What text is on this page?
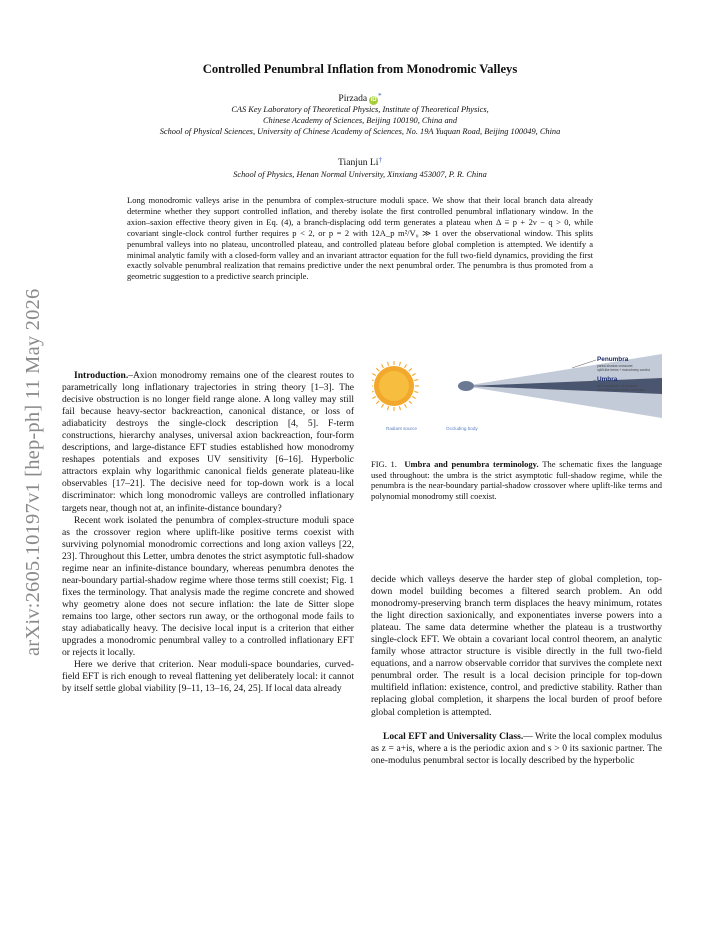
arXiv:2605.10197v1 [hep-ph] 11 May 2026
Controlled Penumbral Inflation from Monodromic Valleys
Pirzada iD *
CAS Key Laboratory of Theoretical Physics, Institute of Theoretical Physics,
Chinese Academy of Sciences, Beijing 100190, China and
School of Physical Sciences, University of Chinese Academy of Sciences, No. 19A Yuquan Road, Beijing 100049, China
Tianjun Li†
School of Physics, Henan Normal University, Xinxiang 453007, P. R. China
Long monodromic valleys arise in the penumbra of complex-structure moduli space. We show that their local branch data already determine whether they support controlled inflation, and thereby isolate the first controlled penumbral inflationary window. In the axion–saxion effective theory given in Eq. (4), a branch-displacing odd term generates a plateau when Δ ≡ p + 2ν − q > 0, while covariant single-clock control further requires p < 2, or p = 2 with 12A_p m²/V₀ ≫ 1 over the observational window. This splits penumbral valleys into no plateau, uncontrolled plateau, and controlled plateau before global completion is attempted. We identify a minimal analytic family with a closed-form valley and an invariant attractor equation for the full two-field dynamics, providing the first exactly solvable penumbral realization that remains predictive under the next penumbral order. The penumbra is thus promoted from a geometric suggestion to a predictive search principle.

Introduction.–Axion monodromy remains one of the clearest routes to parametrically long inflationary trajectories in string theory [1–3]. The decisive obstruction is no longer field range alone. A long valley may still fail because heavy-sector backreaction, canonical distance, or loss of adiabaticity destroys the single-clock description [4, 5]. F-term constructions, hierarchy analyses, universal axion backreaction, four-form descriptions, and large-distance EFT studies established how monodromy reshapes potentials and exposes UV sensitivity [6–16]. Hyperbolic attractors explain why logarithmic canonical fields generate plateau-like observables [17–21]. The decisive need for top-down work is a local discriminator: which long monodromic valleys are controlled inflationary targets near, though not at, an infinite-distance boundary?

Recent work isolated the penumbra of complex-structure moduli space as the crossover region where uplift-like positive terms coexist with surviving polynomial monodromic corrections and long axion valleys [22, 23]. Throughout this Letter, umbra denotes the strict asymptotic full-shadow regime near an infinite-distance boundary, whereas penumbra denotes the near-boundary partial-shadow regime where those terms still coexist; Fig. 1 fixes the terminology. That analysis made the regime concrete and showed why geometry alone does not secure inflation: the late de Sitter slope remains too large, other sectors run away, or the orthogonal mode fails to stay adiabatically heavy. The decisive local input is a criterion that either upgrades a monodromic penumbral valley to a controlled inflationary EFT or rejects it locally.

Here we derive that criterion. Near moduli-space boundaries, curved-field EFT is rich enough to reveal flattening yet deliberately local: it cannot by itself settle global viability [9–11, 13–16, 24, 25]. If local data already

Penumbra
partial-shadow crossover;
uplift-like terms + monodromy coexist
Umbra
strict asymptotic full-shadow;
boundary backreaction dominates
Radiant source	Occluding body
FIG. 1. Umbra and penumbra terminology. The schematic fixes the language used throughout: the umbra is the strict asymptotic full-shadow regime, while the penumbra is the near-boundary partial-shadow crossover where uplift-like terms and polynomial monodromy still coexist.

decide which valleys deserve the harder step of global completion, top-down model building becomes a filtered search problem. An odd monodromy-preserving branch term displaces the heavy minimum, rotates the light direction saxionically, and exponentiates inverse powers into a plateau. The same data determine whether the plateau is a trustworthy single-clock EFT. We obtain a covariant local control theorem, an analytic family whose attractor structure is visible directly in the full two-field equations, and a narrow observable corridor that survives the complete next penumbral order. The result is a local decision principle for top-down multifield inflation: existence, control, and predictive stability. Rather than replacing global completion, it sharpens the local burden of proof before global completion is attempted.

Local EFT and Universality Class.— Write the local complex modulus as z = a+is, where a is the periodic axion and s > 0 its saxionic partner. The one-modulus penumbral sector is locally described by the hyperbolic
